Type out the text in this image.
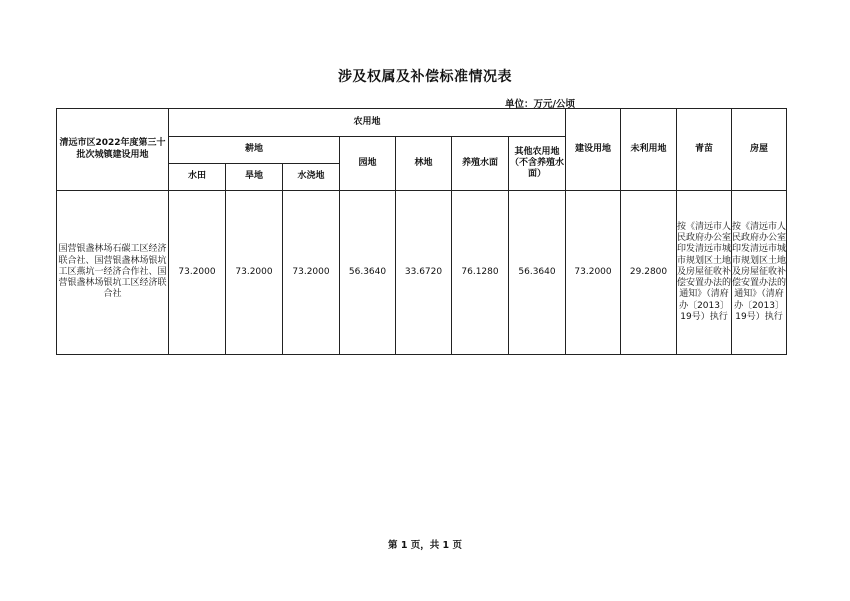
涉及权属及补偿标准情况表
单位：万元/公顷
清远市区2022年度第三十批次城镇建设用地	农用地							建设用地	未利用地	青苗	房屋
	耕地			园地	林地	养殖水面	其他农用地（不含养殖水面）				
	水田	旱地	水浇地								
国营银盏林场石碳工区经济联合社、国营银盏林场银坑工区燕坑一经济合作社、国营银盏林场银坑工区经济联合社	73.2000	73.2000	73.2000	56.3640	33.6720	76.1280	56.3640	73.2000	29.2800	按《清远市人民政府办公室印发清远市城市规划区土地及房屋征收补偿安置办法的通知》（清府办〔2013〕19号）执行	按《清远市人民政府办公室印发清远市城市规划区土地及房屋征收补偿安置办法的通知》（清府办〔2013〕19号）执行
第 1 页，共 1 页
